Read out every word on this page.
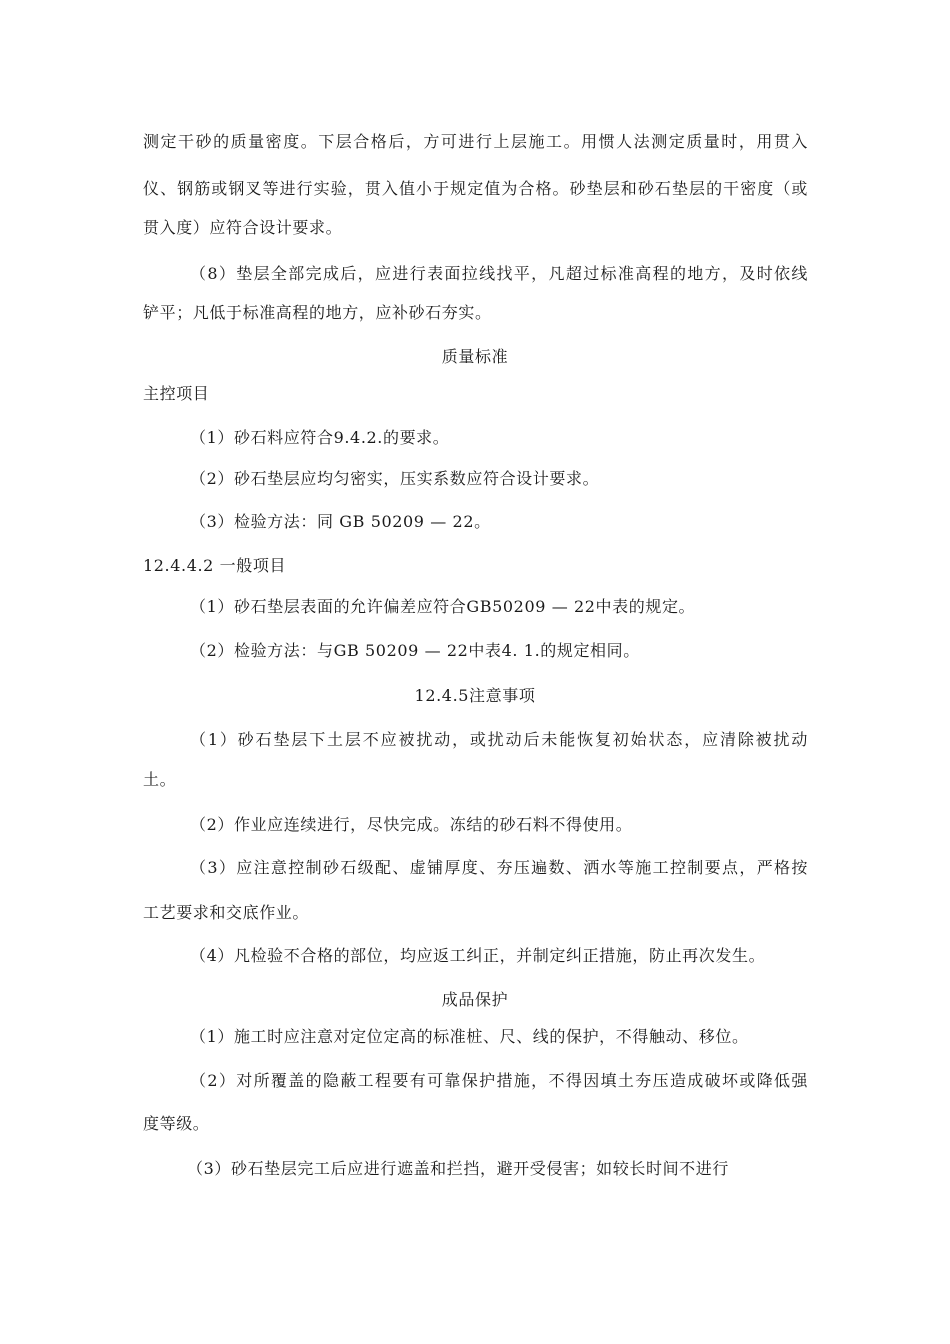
测定干砂的质量密度。下层合格后，方可进行上层施工。用惯人法测定质量时，用贯入
仪、钢筋或钢叉等进行实验，贯入值小于规定值为合格。砂垫层和砂石垫层的干密度（或
贯入度）应符合设计要求。
（8）垫层全部完成后，应进行表面拉线找平，凡超过标准高程的地方，及时依线
铲平；凡低于标准高程的地方，应补砂石夯实。
质量标准
主控项目
（1）砂石料应符合9.4.2.的要求。
（2）砂石垫层应均匀密实，压实系数应符合设计要求。
（3）检验方法：同 GB 50209 — 22。
12.4.4.2 一般项目
（1）砂石垫层表面的允许偏差应符合GB50209 — 22中表的规定。
（2）检验方法：与GB 50209 — 22中表4. 1.的规定相同。
12.4.5注意事项
（1）砂石垫层下土层不应被扰动，或扰动后未能恢复初始状态，应清除被扰动
土。
（2）作业应连续进行，尽快完成。冻结的砂石料不得使用。
（3）应注意控制砂石级配、虚铺厚度、夯压遍数、洒水等施工控制要点，严格按
工艺要求和交底作业。
（4）凡检验不合格的部位，均应返工纠正，并制定纠正措施，防止再次发生。
成品保护
（1）施工时应注意对定位定高的标准桩、尺、线的保护，不得触动、移位。
（2）对所覆盖的隐蔽工程要有可靠保护措施，不得因填土夯压造成破坏或降低强
度等级。
（3）砂石垫层完工后应进行遮盖和拦挡，避开受侵害；如较长时间不进行
